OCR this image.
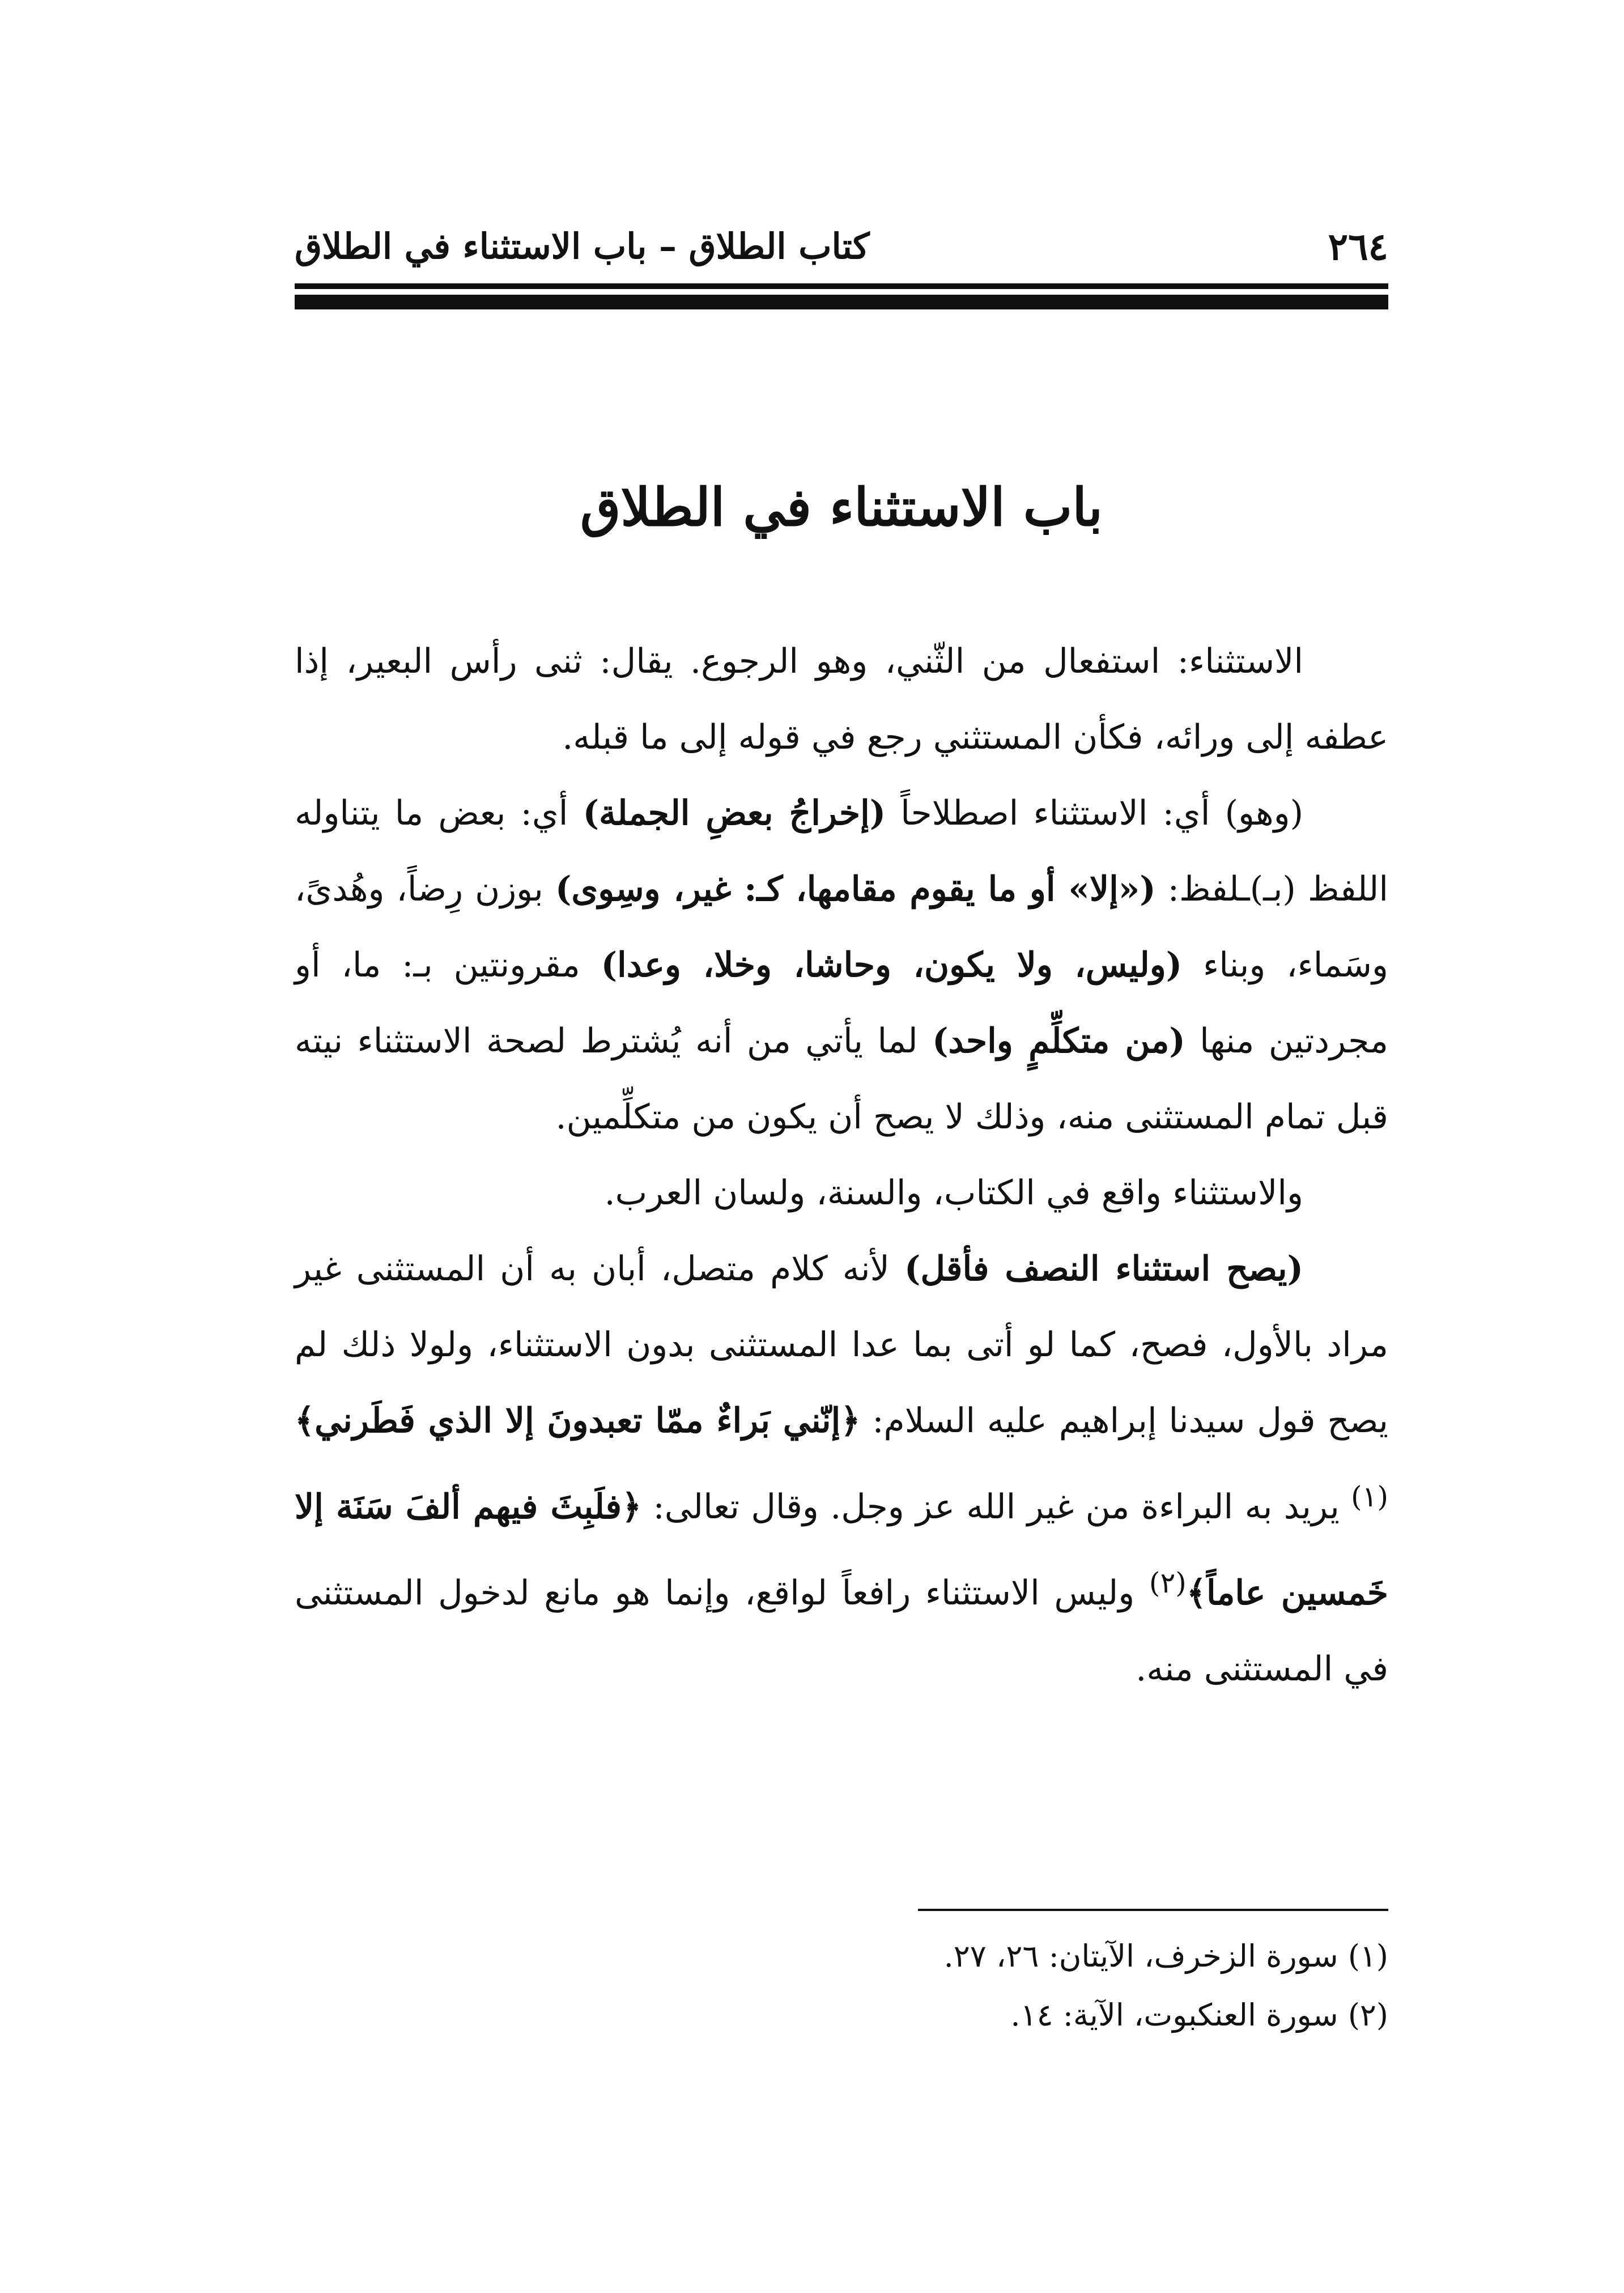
٢٦٤
كتاب الطلاق – باب الاستثناء في الطلاق
باب الاستثناء في الطلاق

الاستثناء: استفعال من الثّني، وهو الرجوع. يقال: ثنى رأس البعير، إذا عطفه إلى ورائه، فكأن المستثني رجع في قوله إلى ما قبله.

(وهو) أي: الاستثناء اصطلاحاً (إخراجُ بعضِ الجملة) أي: بعض ما يتناوله اللفظ (بـ)ـلفظ: («إلا» أو ما يقوم مقامها، كـ: غير، وسِوى) بوزن رِضاً، وهُدىً، وسَماء، وبناء (وليس، ولا يكون، وحاشا، وخلا، وعدا) مقرونتين بـ: ما، أو مجردتين منها (من متكلِّمٍ واحد) لما يأتي من أنه يُشترط لصحة الاستثناء نيته قبل تمام المستثنى منه، وذلك لا يصح أن يكون من متكلِّمين.

والاستثناء واقع في الكتاب، والسنة، ولسان العرب.

(يصح استثناء النصف فأقل) لأنه كلام متصل، أبان به أن المستثنى غير مراد بالأول، فصح، كما لو أتى بما عدا المستثنى بدون الاستثناء، ولولا ذلك لم يصح قول سيدنا إبراهيم عليه السلام: ﴿إنّني بَراءٌ ممّا تعبدونَ إلا الذي فَطَرني﴾$^{(١)}$ يريد به البراءة من غير الله عز وجل. وقال تعالى: ﴿فلَبِثَ فيهم ألفَ سَنَة إلا خَمسين عاماً﴾$^{(٢)}$ وليس الاستثناء رافعاً لواقع، وإنما هو مانع لدخول المستثنى في المستثنى منه.

(١) سورة الزخرف، الآيتان: ٢٦، ٢٧.
(٢) سورة العنكبوت، الآية: ١٤.
